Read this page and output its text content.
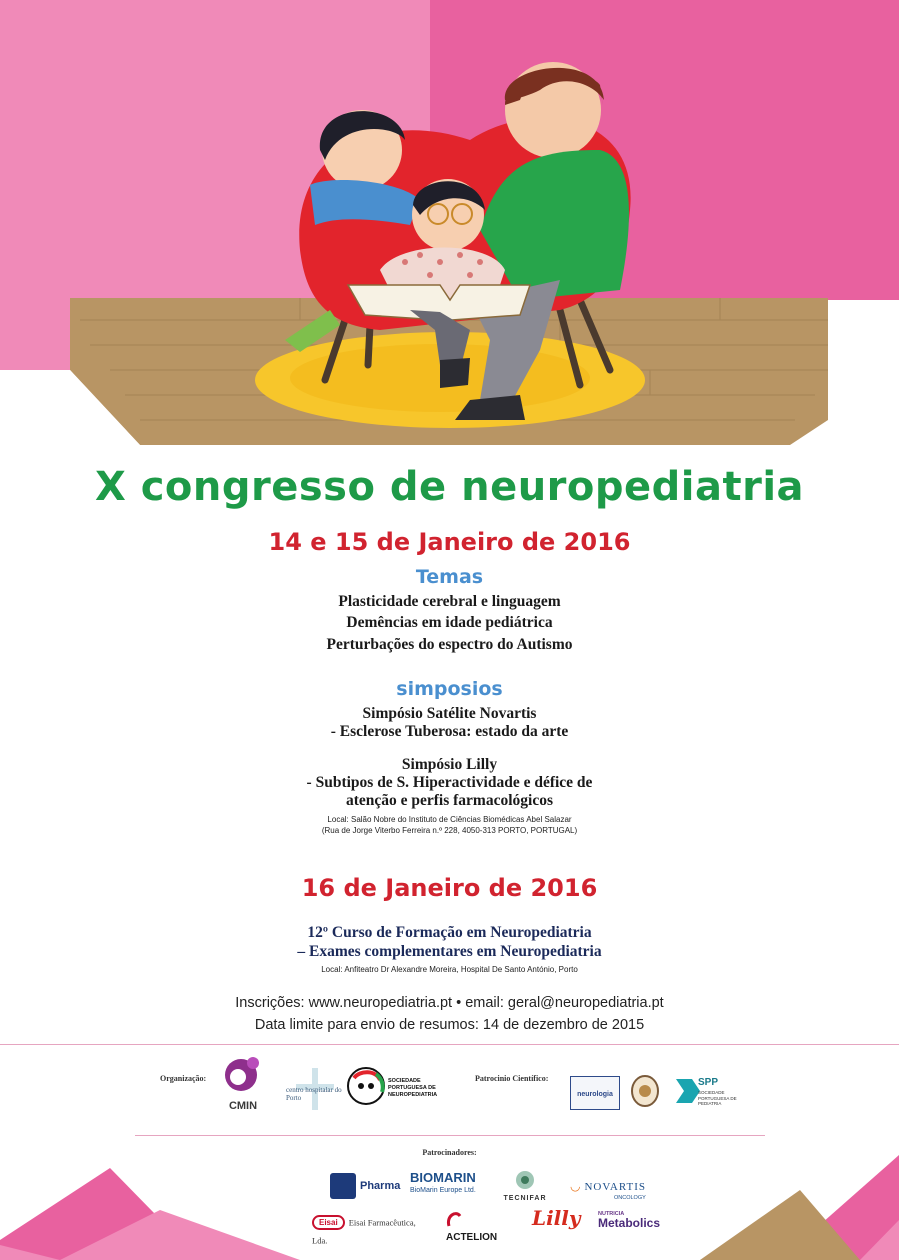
X congresso de neuropediatria
14 e 15 de Janeiro de 2016
Temas
Plasticidade cerebral e linguagem
Demências em idade pediátrica
Perturbações do espectro do Autismo
simposios
Simpósio Satélite Novartis
- Esclerose Tuberosa: estado da arte
Simpósio Lilly
- Subtipos de S. Hiperactividade e défice de
atenção e perfis farmacológicos
Local: Salão Nobre do Instituto de Ciências Biomédicas Abel Salazar
(Rua de Jorge Viterbo Ferreira n.º 228, 4050-313 PORTO, PORTUGAL)
16 de Janeiro de 2016
12º Curso de Formação em Neuropediatria
– Exames complementares em Neuropediatria
Local: Anfiteatro Dr Alexandre Moreira, Hospital De Santo António, Porto
Inscrições: www.neuropediatria.pt • email: geral@neuropediatria.pt
Data limite para envio de resumos: 14 de dezembro de 2015
Organização:
CMIN
centro hospitalar do Porto
SOCIEDADE PORTUGUESA DE NEUROPEDIATRIA
Patrocinio Científico:
neurologia
SPP
SOCIEDADE PORTUGUESA DE PEDIATRIA
Patrocinadores:
Pharma
BIOMARIN
BioMarin Europe Ltd.
TECNIFAR
◡ NOVARTIS
ONCOLOGY
Eisai Eisai Farmacêutica, Lda.	ACTELION
Lilly	NUTRICIA
Metabolics
